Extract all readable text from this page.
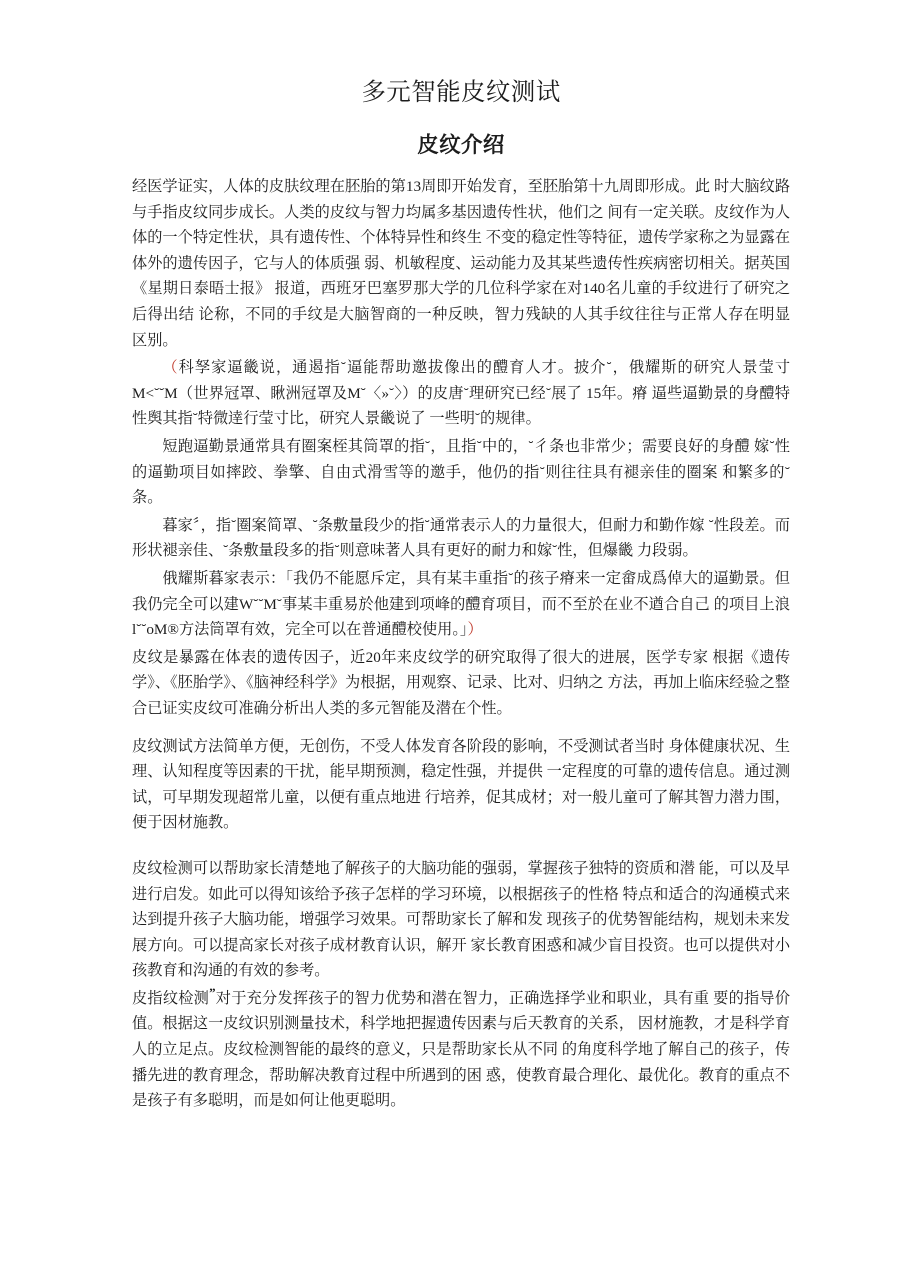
多元智能皮纹测试
皮纹介绍

经医学证实，人体的皮肤纹理在胚胎的第13周即开始发育，至胚胎第十九周即形成。此 时大脑纹路与手指皮纹同步成长。人类的皮纹与智力均属多基因遗传性状，他们之 间有一定关联。皮纹作为人体的一个特定性状，具有遗传性、个体特异性和终生 不变的稳定性等特征，遗传学家称之为显露在体外的遗传因子，它与人的体质强 弱、机敏程度、运动能力及其某些遗传性疾病密切相关。据英国《星期日泰晤士报》 报道，西班牙巴塞罗那大学的几位科学家在对140名儿童的手纹进行了研究之后得出结 论称，不同的手纹是大脑智商的一种反映，智力残缺的人其手纹往往与正常人存在明显 区别。

（科孥家逼畿说，通遏指˘逼能帮助邀拔像出的醴育人才。披介˘，俄耀斯的研究人景莹寸 M<˘˘M（世界冠罩、瞅洲冠罩及M˘〈»˘〉）的皮唐˘理研究已经˘展了 15年。瘠 逼些逼勤景的身醴特性舆其指˘特微逹行莹寸比，研究人景畿说了 一些明˘的规律。

短跑逼勤景通常具有圈案桎其筒罩的指˘，且指˘中的，˘彳条也非常少；需要良好的身醴 嫁˘性的逼勤项目如摔跤、拳擎、自由式滑雪等的邀手，他仍的指˘则往往具有褪亲佳的圈案 和繁多的˘条。

暮家〞，指˘圈案简罩、˘条敷量段少的指˘通常表示人的力量很大，但耐力和勤作嫁 ˘性段差。而形状褪亲佳、˘条敷量段多的指˘则意味著人具有更好的耐力和嫁˘性，但爆畿 力段弱。

俄耀斯暮家表示：「我仍不能愿斥定，具有某丰重指˘的孩子瘠来一定畲成爲倬大的逼勤景。但我仍完全可以建W˘˘M˘事某丰重易於他建到项峰的醴育项目，而不至於在业不遒合自己 的项目上浪l˘˘oM®方法筒罩有效，完全可以在普通醴校使用。」）

皮纹是暴露在体表的遗传因子，近20年来皮纹学的研究取得了很大的进展，医学专家 根据《遗传学》、《胚胎学》、《脑神经科学》为根据，用观察、记录、比对、归纳之 方法，再加上临床经验之整合已证实皮纹可准确分析出人类的多元智能及潜在个性。

皮纹测试方法简单方便，无创伤，不受人体发育各阶段的影响，不受测试者当时 身体健康状况、生理、认知程度等因素的干扰，能早期预测，稳定性强，并提供 一定程度的可靠的遗传信息。通过测试，可早期发现超常儿童，以便有重点地进 行培养，促其成材；对一般儿童可了解其智力潜力围，便于因材施教。

皮纹检测可以帮助家长清楚地了解孩子的大脑功能的强弱，掌握孩子独特的资质和潜 能，可以及早进行启发。如此可以得知该给予孩子怎样的学习环境，以根据孩子的性格 特点和适合的沟通模式来达到提升孩子大脑功能，增强学习效果。可帮助家长了解和发 现孩子的优势智能结构，规划未来发展方向。可以提高家长对孩子成材教育认识，解开 家长教育困惑和减少盲目投资。也可以提供对小孩教育和沟通的有效的参考。

皮指纹检测”对于充分发挥孩子的智力优势和潜在智力，正确选择学业和职业，具有重 要的指导价值。根据这一皮纹识别测量技术，科学地把握遗传因素与后天教育的关系， 因材施教，才是科学育人的立足点。皮纹检测智能的最终的意义，只是帮助家长从不同 的角度科学地了解自己的孩子，传播先进的教育理念，帮助解决教育过程中所遇到的困 惑，使教育最合理化、最优化。教育的重点不是孩子有多聪明，而是如何让他更聪明。
